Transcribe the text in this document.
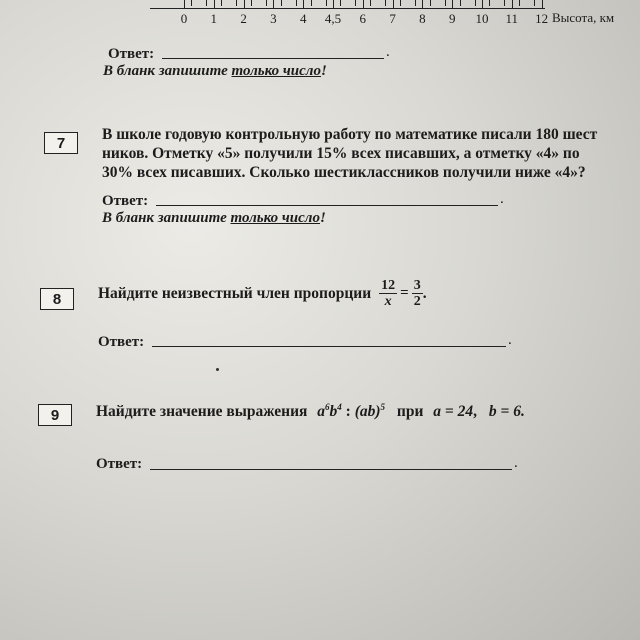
0 1 2 3 4 4,5 6 7 8 9 10 11 12 Высота, км
Ответ:	.
В бланк запишите только число!
7	В школе годовую контрольную работу по математике писали 180 шест
ников. Отметку «5» получили 15% всех писавших, а отметку «4» по
30% всех писавших. Сколько шестиклассников получили ниже «4»?
Ответ:	.
В бланк запишите только число!
8	Найдите неизвестный член пропорции $\frac{12}{x} = \frac{3}{2}$ .
Ответ:	.
9	Найдите значение выражения $a^6b^4$ : (ab)$^5$ при a = 24, b = 6.
Ответ:	.
